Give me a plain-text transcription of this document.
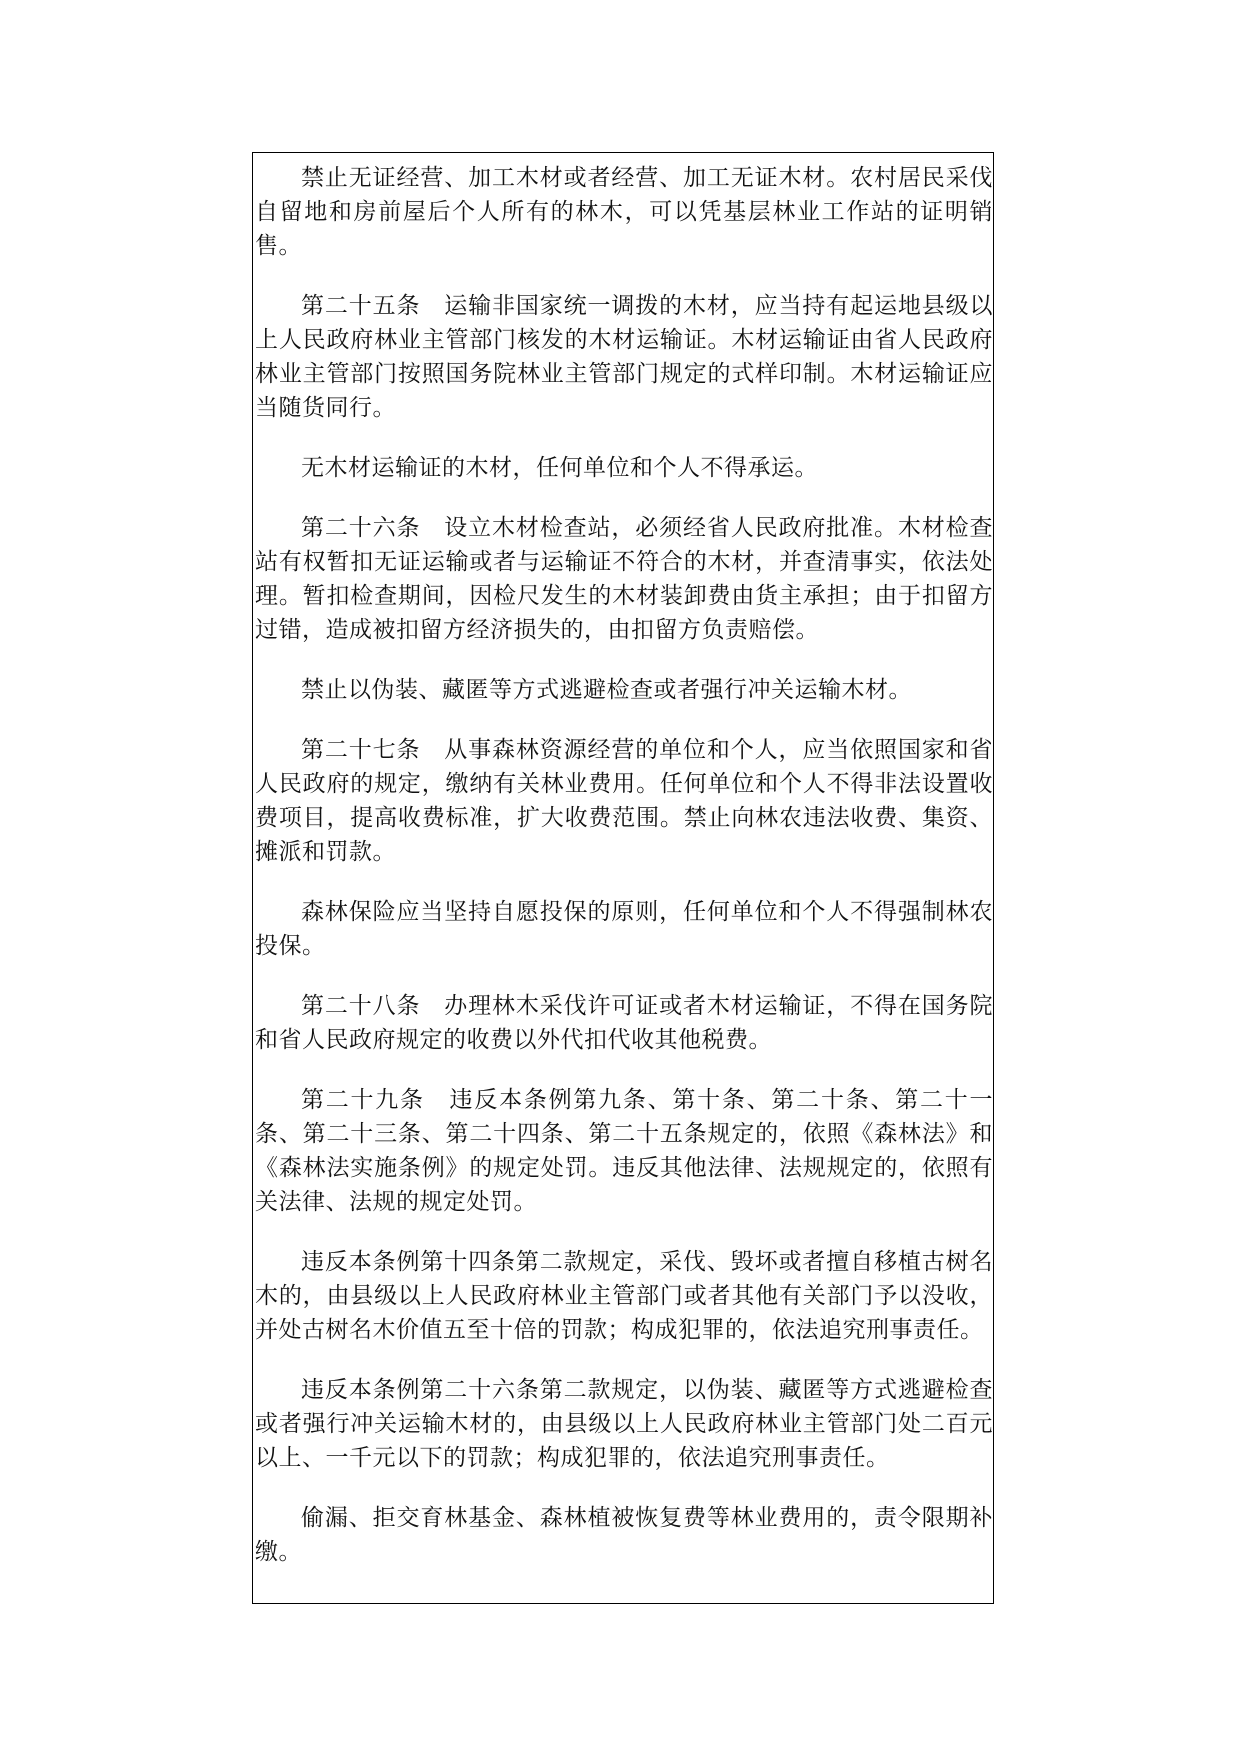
禁止无证经营、加工木材或者经营、加工无证木材。农村居民采伐自留地和房前屋后个人所有的林木，可以凭基层林业工作站的证明销售。

第二十五条　运输非国家统一调拨的木材，应当持有起运地县级以上人民政府林业主管部门核发的木材运输证。木材运输证由省人民政府林业主管部门按照国务院林业主管部门规定的式样印制。木材运输证应当随货同行。

无木材运输证的木材，任何单位和个人不得承运。

第二十六条　设立木材检查站，必须经省人民政府批准。木材检查站有权暂扣无证运输或者与运输证不符合的木材，并查清事实，依法处理。暂扣检查期间，因检尺发生的木材装卸费由货主承担；由于扣留方过错，造成被扣留方经济损失的，由扣留方负责赔偿。

禁止以伪装、藏匿等方式逃避检查或者强行冲关运输木材。

第二十七条　从事森林资源经营的单位和个人，应当依照国家和省人民政府的规定，缴纳有关林业费用。任何单位和个人不得非法设置收费项目，提高收费标准，扩大收费范围。禁止向林农违法收费、集资、摊派和罚款。

森林保险应当坚持自愿投保的原则，任何单位和个人不得强制林农投保。

第二十八条　办理林木采伐许可证或者木材运输证，不得在国务院和省人民政府规定的收费以外代扣代收其他税费。

第二十九条　违反本条例第九条、第十条、第二十条、第二十一条、第二十三条、第二十四条、第二十五条规定的，依照《森林法》和《森林法实施条例》的规定处罚。违反其他法律、法规规定的，依照有关法律、法规的规定处罚。

违反本条例第十四条第二款规定，采伐、毁坏或者擅自移植古树名木的，由县级以上人民政府林业主管部门或者其他有关部门予以没收，并处古树名木价值五至十倍的罚款；构成犯罪的，依法追究刑事责任。

违反本条例第二十六条第二款规定，以伪装、藏匿等方式逃避检查或者强行冲关运输木材的，由县级以上人民政府林业主管部门处二百元以上、一千元以下的罚款；构成犯罪的，依法追究刑事责任。

偷漏、拒交育林基金、森林植被恢复费等林业费用的，责令限期补缴。
